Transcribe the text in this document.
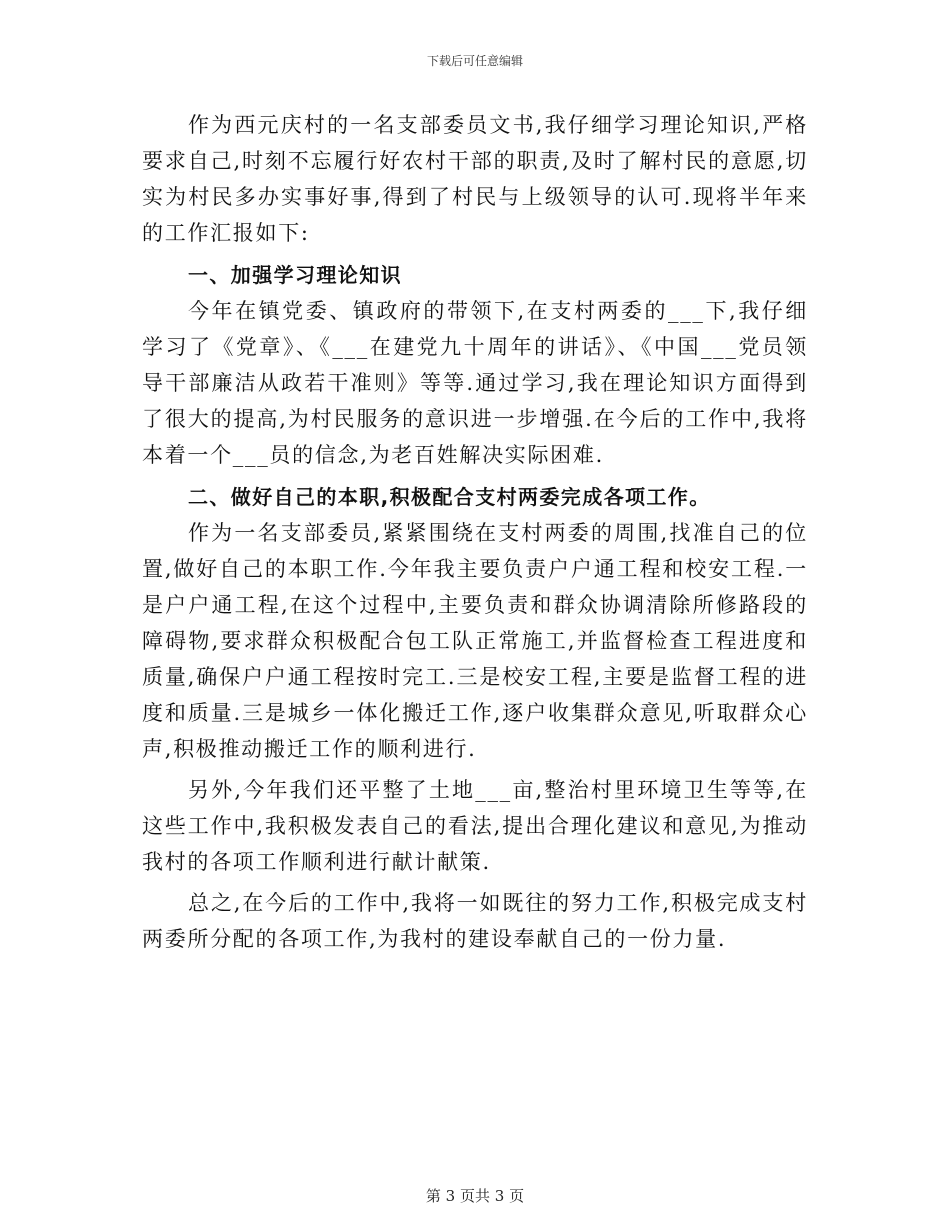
下载后可任意编辑

作为西元庆村的一名支部委员文书,我仔细学习理论知识,严格要求自己,时刻不忘履行好农村干部的职责,及时了解村民的意愿,切实为村民多办实事好事,得到了村民与上级领导的认可.现将半年来的工作汇报如下:

一、加强学习理论知识

今年在镇党委、镇政府的带领下,在支村两委的___下,我仔细学习了《党章》、《___在建党九十周年的讲话》、《中国___党员领导干部廉洁从政若干准则》等等.通过学习,我在理论知识方面得到了很大的提高,为村民服务的意识进一步增强.在今后的工作中,我将本着一个___员的信念,为老百姓解决实际困难.

二、做好自己的本职,积极配合支村两委完成各项工作。

作为一名支部委员,紧紧围绕在支村两委的周围,找准自己的位置,做好自己的本职工作.今年我主要负责户户通工程和校安工程.一是户户通工程,在这个过程中,主要负责和群众协调清除所修路段的障碍物,要求群众积极配合包工队正常施工,并监督检查工程进度和质量,确保户户通工程按时完工.三是校安工程,主要是监督工程的进度和质量.三是城乡一体化搬迁工作,逐户收集群众意见,听取群众心声,积极推动搬迁工作的顺利进行.

另外,今年我们还平整了土地___亩,整治村里环境卫生等等,在这些工作中,我积极发表自己的看法,提出合理化建议和意见,为推动我村的各项工作顺利进行献计献策.

总之,在今后的工作中,我将一如既往的努力工作,积极完成支村两委所分配的各项工作,为我村的建设奉献自己的一份力量.

第 3 页共 3 页
